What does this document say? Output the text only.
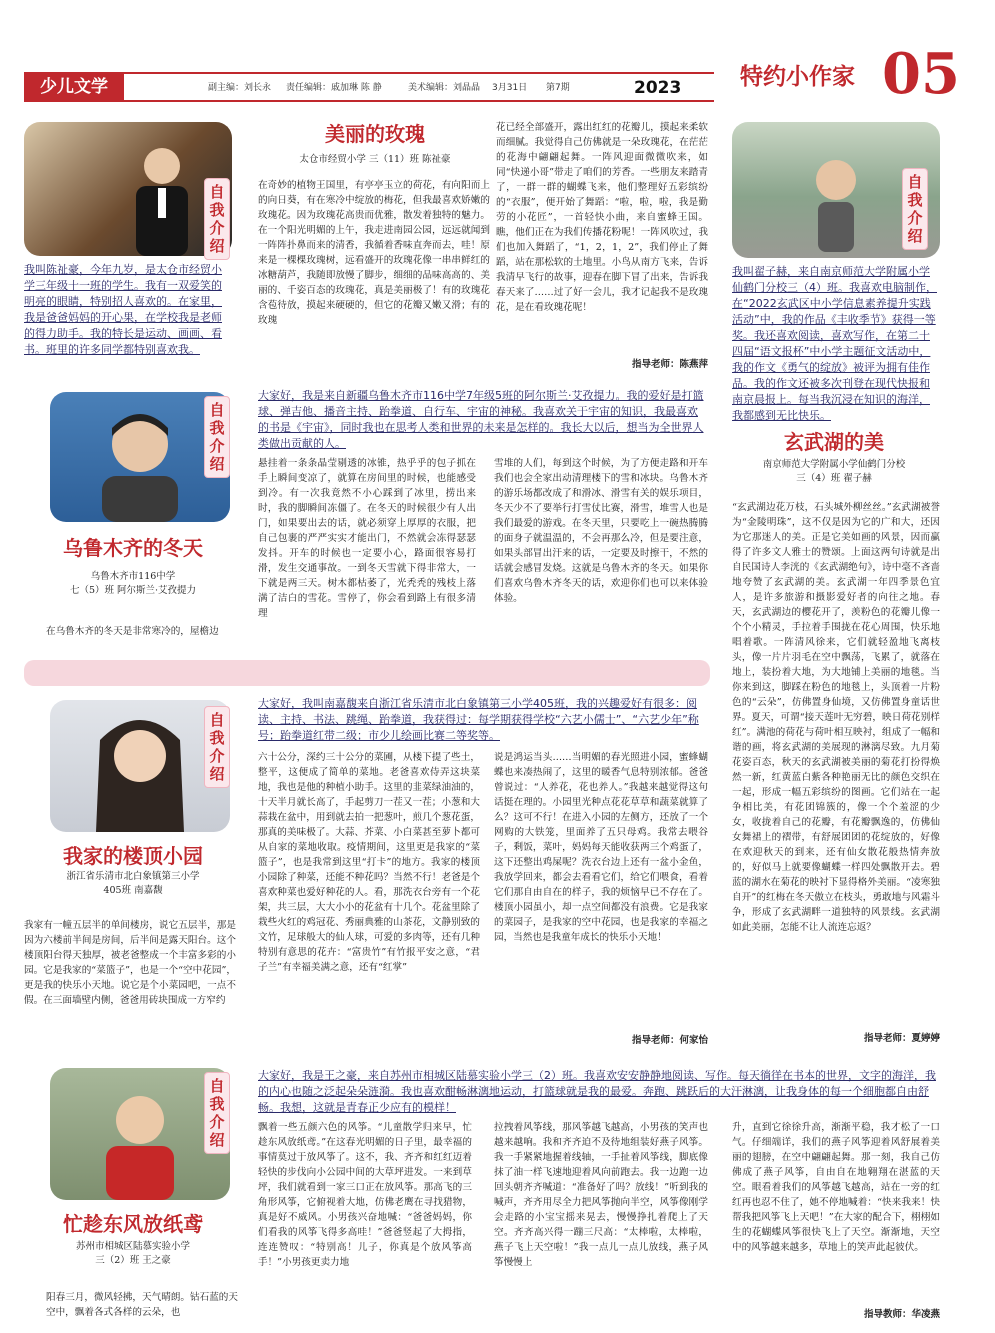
少儿文学	副主编：刘长永 责任编辑：戚加琳 陈 静	美术编辑：刘晶晶 3月31日 第7期	2023	特约小作家 05
自我介绍
我叫陈祉豪，今年九岁，是太仓市经贸小学三年级十一班的学生。我有一双爱笑的明亮的眼睛，特别招人喜欢的。在家里，我是爸爸妈妈的开心果，在学校我是老师的得力助手。我的特长是运动、画画、看书。班里的许多同学都特别喜欢我。
美丽的玫瑰
太仓市经贸小学 三（11）班 陈祉豪
在奇妙的植物王国里，有亭亭玉立的荷花，有向阳而上的向日葵，有在寒冷中绽放的梅花，但我最喜欢娇嫩的玫瑰花。因为玫瑰花高贵而优雅，散发着独特的魅力。在一个阳光明媚的上午，我走进南园公园，远远就闻到一阵阵扑鼻而来的清香，我循着香味直奔而去，哇！原来是一棵棵玫瑰树，远看盛开的玫瑰花像一串串鲜红的冰糖葫芦，我随即放慢了脚步，细细的品味高高的、美丽的、千姿百态的玫瑰花，真是美丽极了！有的玫瑰花含苞待放，摸起来硬硬的，但它的花瓣又嫩又滑；有的玫瑰
花已经全部盛开，露出红红的花瓣儿，摸起来柔软而细腻。我觉得自己仿佛就是一朵玫瑰花，在茫茫的花海中翩翩起舞。一阵风迎面微微吹来，如同“快递小哥”带走了咱们的芳香。一些朋友来踏青了，一群一群的蝴蝶飞来，他们整理好五彩缤纷的“衣服”，便开始了舞蹈：“啦，啦，啦，我是勤劳的小花匠”，一首轻快小曲，来自蜜蜂王国。瞧，他们正在为我们传播花粉呢！一阵风吹过，我们也加入舞蹈了，“1，2，1，2”，我们停止了舞蹈，站在那松软的土地里。小鸟从南方飞来，告诉我清早飞行的故事，迎春在脚下冒了出来，告诉我春天来了……过了好一会儿，我才记起我不是玫瑰花，是在看玫瑰花呢！
指导老师：陈燕萍
自我介绍
乌鲁木齐的冬天
乌鲁木齐市116中学
七（5）班 阿尔斯兰·艾孜提力
在乌鲁木齐的冬天是非常寒冷的，屋檐边
大家好，我是来自新疆乌鲁木齐市116中学7年级5班的阿尔斯兰·艾孜提力。我的爱好是打篮球、弹吉他、播音主持、跆拳道、自行车、宇宙的神秘。我喜欢关于宇宙的知识，我最喜欢的书是《宇宙》，同时我也在思考人类和世界的未来是怎样的。我长大以后，想当为全世界人类做出贡献的人。
悬挂着一条条晶莹剔透的冰锥，热乎乎的包子抓在手上瞬间变凉了，就算在房间里的时候，也能感受到冷。有一次我竟然不小心踩到了冰里，捞出来时，我的脚瞬间冻僵了。在冬天的时候很少有人出门，如果要出去的话，就必须穿上厚厚的衣服，把自己包裹的严严实实才能出门，不然就会冻得瑟瑟发抖。开车的时候也一定要小心，路面很容易打滑，发生交通事故。一到冬天雪就下得非常大，一下就是两三天。树木都枯萎了，光秃秃的残枝上落满了洁白的雪花。雪停了，你会看到路上有很多清理
雪堆的人们，每到这个时候，为了方便走路和开车我们也会全家出动清理楼下的雪和冰块。乌鲁木齐的游乐场都改成了和滑冰、滑雪有关的娱乐项目，冬天少不了要举行打雪仗比赛，滑雪，堆雪人也是我们最爱的游戏。在冬天里，只要吃上一碗热腾腾的面身子就温温的，不会再那么冷，但是要注意，如果头部冒出汗来的话，一定要及时擦干，不然的话就会感冒发烧。这就是乌鲁木齐的冬天。如果你们喜欢乌鲁木齐冬天的话，欢迎你们也可以来体验体验。
自我介绍
我叫翟子赫，来自南京师范大学附属小学仙鹤门分校三（4）班。我喜欢电脑制作，在“2022玄武区中小学信息素养提升实践活动”中，我的作品《丰收季节》获得一等奖。我还喜欢阅读，喜欢写作，在第二十四届“语文报杯”中小学主题征文活动中，我的作文《勇气的绽放》被评为拥有佳作品。我的作文还被多次刊登在现代快报和南京晨报上。每当我沉浸在知识的海洋，我都感到无比快乐。
玄武湖的美
南京师范大学附属小学仙鹤门分校
三（4）班 翟子赫
“玄武湖边花万枝，石头城外柳丝丝。”玄武湖被誉为“金陵明珠”，这不仅是因为它的广和大，还因为它那迷人的美。正是它美如画的风景，因而赢得了许多文人雅士的赞颂。上面这两句诗就是出自民国诗人李洸的《玄武湖绝句》，诗中毫不吝啬地夸赞了玄武湖的美。玄武湖一年四季景色宜人，是许多旅游和摄影爱好者的向往之地。春天，玄武湖边的樱花开了，羡粉色的花瓣儿像一个个小精灵，手拉着手围拢在花心周围，快乐地唱着歌。一阵清风徐来，它们就轻盈地飞离枝头，像一片片羽毛在空中飘荡，飞累了，就落在地上，装扮着大地，为大地铺上美丽的地毯。当你来到这，脚踩在粉色的地毯上，头顶着一片粉色的“云朵”，仿佛置身仙境，又仿佛置身童话世界。夏天，可谓“接天莲叶无穷碧，映日荷花别样红”。满池的荷花与荷叶相互映衬，组成了一幅和谐的画，将玄武湖的美展现的淋漓尽致。九月菊花姿百态，秋天的玄武湖被美丽的菊花打扮得焕然一新，红黄蓝白紫各种艳丽无比的颜色交织在一起，形成一幅五彩缤纷的图画。它们站在一起争相比美，有花团锦簇的，像一个个羞涩的少女，收拢着自己的花瓣，有花瓣飘逸的，仿佛仙女舞裙上的褶带，有舒展团团的花绽放的，好像在欢迎秋天的到来，还有仙女散花般热情奔放的，好似马上就要像蝴蝶一样四处飘散开去。碧蓝的湖水在菊花的映衬下显得格外美丽。“凌寒独自开”的红梅在冬天傲立在枝头，勇敢地与风霜斗争，形成了玄武湖畔一道独特的风景线。玄武湖如此美丽，怎能不让人流连忘返？
指导老师：夏婷婷
自我介绍
我家的楼顶小园
浙江省乐清市北白象镇第三小学
405班 南嘉馥
我家有一幢五层半的单间楼房，说它五层半，那是因为六楼前半间是房间，后半间是露天阳台。这个楼顶阳台得天独厚，被老爸整成一个丰富多彩的小园。它是我家的“菜篮子”，也是一个“空中花园”，更是我的快乐小天地。说它是个小菜园吧，一点不假。在三面墙壁内侧，爸爸用砖块围成一方窄约
大家好，我叫南嘉馥来自浙江省乐清市北白象镇第三小学405班，我的兴趣爱好有很多：阅读、主持、书法、跳绳、跆拳道，我获得过：每学期获得学校“六艺小儒士”、“六艺少年”称号；跆拳道红带二级；市少儿绘画比赛二等奖等。
六十公分，深约三十公分的菜圃，从楼下提了些土，整平，这便成了简单的菜地。老爸喜欢侍弄这块菜地，我也是他的种植小助手。这里的韭菜绿油油的，十天半月就长高了，手起剪刀一茬又一茬；小葱和大蒜栽在盆中，用到就去拍一把葱叶，煎几个葱花蛋，那真的美味极了。大蒜、芥菜、小白菜甚至萝卜都可从自家的菜地收取。疫情期间，这里更是我家的“菜篮子”，也是我常到这里“打卡”的地方。我家的楼顶小园除了种菜，还能不种花吗？当然不行！老爸是个喜欢种菜也爱好种花的人。看，那洗衣台旁有一个花架，共三层，大大小小的花盆有十几个。花盆里除了栽些火红的鸡冠花、秀丽典雅的山茶花，文静别致的文竹，足球般大的仙人球，可爱的多肉等，还有几种特别有意思的花卉：“富贵竹”有竹报平安之意，“君子兰”有幸福美满之意，还有“红掌”
说是鸿运当头……当明媚的春光照进小园，蜜蜂蝴蝶也来凑热闹了，这里的暖香气息特别浓郁。爸爸曾说过：“人养花，花也养人。”我越来越觉得这句话挺在理的。小园里光种点花花草草和蔬菜就算了么？这可不行！在进入小园的左侧方，还放了一个网购的大铁笼，里面养了五只母鸡。我常去喂谷子，剩饭，菜叶，妈妈每天能收获两三个鸡蛋了，这下还整出鸡屎呢？洗衣台边上还有一盆小金鱼，我放学回来，都会去看看它们，给它们喂食，看着它们那自由自在的样子，我的烦恼早已不存在了。楼顶小园虽小，却一点空间都没有浪费。它是我家的菜园子，是我家的空中花园，也是我家的幸福之园，当然也是我童年成长的快乐小天地！
指导老师：何家怡
自我介绍
忙趁东风放纸鸢
苏州市相城区陆慕实验小学
三（2）班 王之豪
阳春三月，微风轻拂，天气晴朗。钴石蓝的天空中，飘着各式各样的云朵，也
大家好，我是王之豪，来自苏州市相城区陆慕实验小学三（2）班。我喜欢安安静静地阅读、写作。每天徜徉在书本的世界，文字的海洋，我的内心也随之泛起朵朵涟漪。我也喜欢酣畅淋漓地运动，打篮球就是我的最爱。奔跑、跳跃后的大汗淋漓，让我身体的每一个细胞都自由舒畅。我想，这就是青春正少应有的模样！
飘着一些五颜六色的风筝。“儿童散学归来早，忙趁东风放纸鸢。”在这春光明媚的日子里，最幸福的事情莫过于放风筝了。这不，我、齐齐和红红迈着轻快的步伐向小公园中间的大草坪进发。一来到草坪，我们就看到一家三口正在放风筝。那高飞的三角形风筝，它俯视着大地，仿佛老鹰在寻找猎物，真是好不威风。小男孩兴奋地喊：“爸爸妈妈，你们看我的风筝飞得多高哇！”爸爸竖起了大拇指，连连赞叹：“特别高！儿子，你真是个放风筝高手！”小男孩更卖力地
拉拽着风筝线，那风筝越飞越高，小男孩的笑声也越来越响。我和齐齐迫不及待地组装好燕子风筝。我一手紧紧地握着线轴，一手扯着风筝线，脚底像抹了油一样飞速地迎着风向前跑去。我一边跑一边回头朝齐齐喊道：“准备好了吗？放线！”听到我的喊声，齐齐用尽全力把风筝抛向半空，风筝像刚学会走路的小宝宝摇来晃去，慢慢挣扎着爬上了天空。齐齐高兴得一蹦三尺高：“太棒啦，太棒啦，燕子飞上天空啦！”我一点儿一点儿放线，燕子风筝慢慢上
升，直到它徐徐升高，渐渐平稳，我才松了一口气。仔细端详，我们的燕子风筝迎着风舒展着美丽的翅膀，在空中翩翩起舞。那一刻，我自己仿佛成了燕子风筝，自由自在地翱翔在湛蓝的天空。眼看着我们的风筝越飞越高，站在一旁的红红再也忍不住了，她不停地喊着：“快来我来！快帮我把风筝飞上天吧！”在大家的配合下，栩栩如生的花蝴蝶风筝很快飞上了天空。渐渐地，天空中的风筝越来越多，草地上的笑声此起彼伏。
指导教师：华凌燕
